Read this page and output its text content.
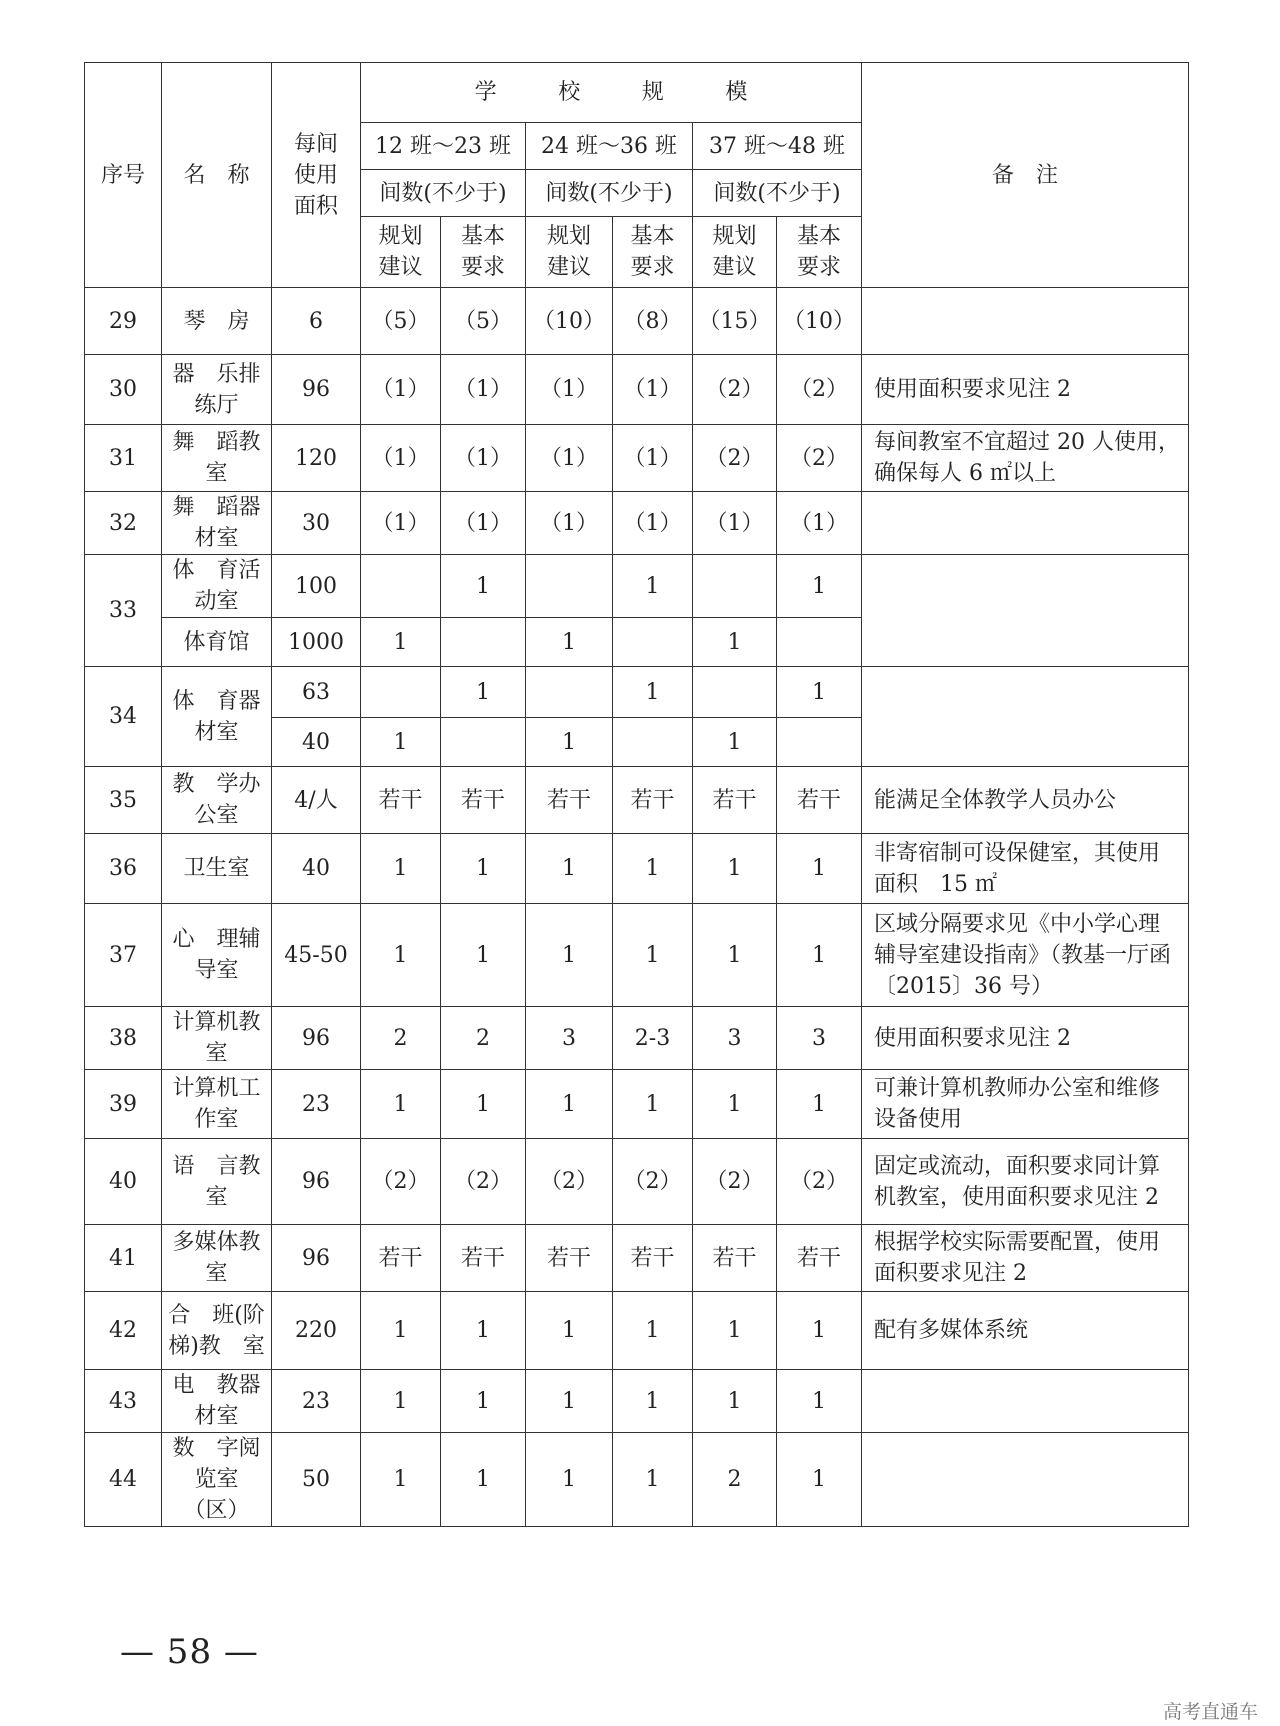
序号	名　称	每间使用面积	学　校　规　模						备　注
			12 班～23 班		24 班～36 班		37 班～48 班		
			间数(不少于)		间数(不少于)		间数(不少于)		
			规划建议	基本要求	规划建议	基本要求	规划建议	基本要求	
29	琴　房	6	（5）	（5）	（10）	（8）	（15）	（10）	
30	器　乐排练厅	96	（1）	（1）	（1）	（1）	（2）	（2）	使用面积要求见注 2
31	舞　蹈教　室	120	（1）	（1）	（1）	（1）	（2）	（2）	每间教室不宜超过 20 人使用，确保每人 6 ㎡以上
32	舞　蹈器材室	30	（1）	（1）	（1）	（1）	（1）	（1）	
33	体　育活动室	100		1		1		1	
	体育馆	1000	1		1		1		
34	体　育器材室	63		1		1		1	
		40	1		1		1		
35	教　学办公室	4/人	若干	若干	若干	若干	若干	若干	能满足全体教学人员办公
36	卫生室	40	1	1	1	1	1	1	非寄宿制可设保健室，其使用面积　15 ㎡
37	心　理辅导室	45-50	1	1	1	1	1	1	区域分隔要求见《中小学心理辅导室建设指南》（教基一厅函〔2015〕36 号）
38	计算机教　室	96	2	2	3	2-3	3	3	使用面积要求见注 2
39	计算机工作室	23	1	1	1	1	1	1	可兼计算机教师办公室和维修设备使用
40	语　言教　室	96	（2）	（2）	（2）	（2）	（2）	（2）	固定或流动，面积要求同计算机教室，使用面积要求见注 2
41	多媒体教　室	96	若干	若干	若干	若干	若干	若干	根据学校实际需要配置，使用面积要求见注 2
42	合　班(阶梯)教　室	220	1	1	1	1	1	1	配有多媒体系统
43	电　教器材室	23	1	1	1	1	1	1	
44	数　字阅览室（区）	50	1	1	1	1	2	1	
— 58 —
高考直通车
